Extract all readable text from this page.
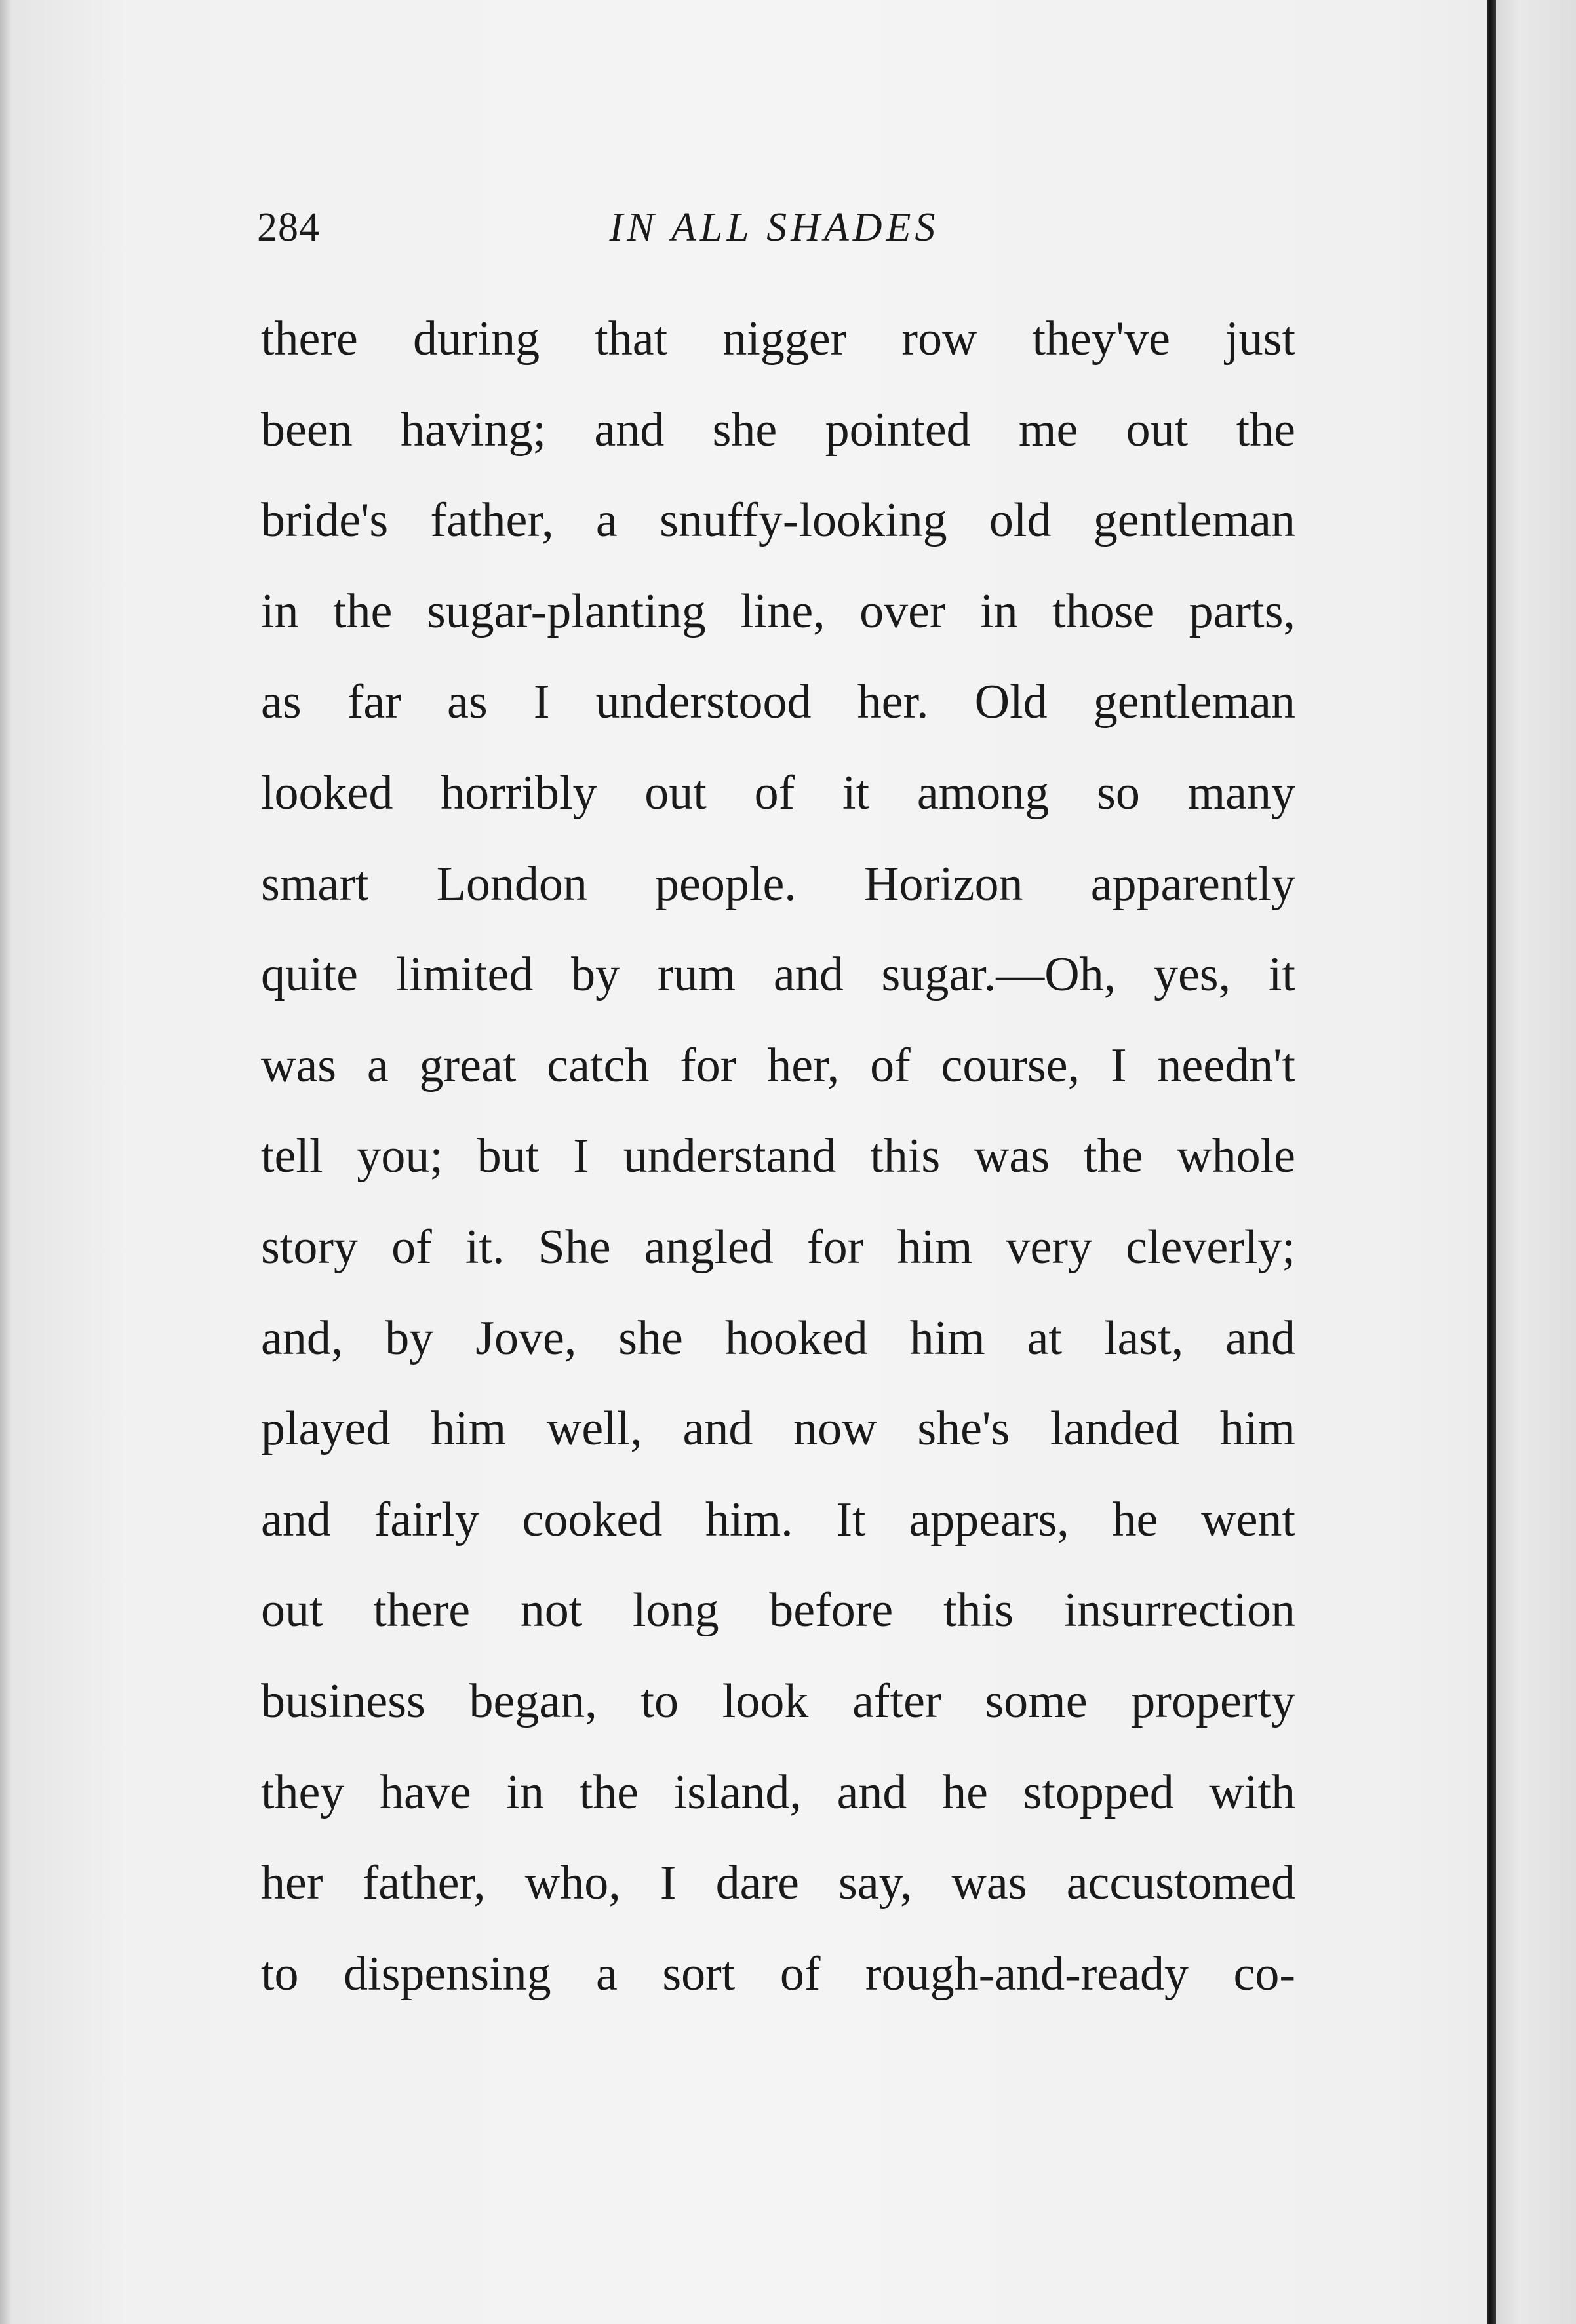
284	IN ALL SHADES
there during that nigger row they've just
been having; and she pointed me out the
bride's father, a snuffy-looking old gentleman
in the sugar-planting line, over in those parts,
as far as I understood her. Old gentleman
looked horribly out of it among so many
smart London people. Horizon apparently
quite limited by rum and sugar.—Oh, yes, it
was a great catch for her, of course, I needn't
tell you; but I understand this was the whole
story of it. She angled for him very cleverly;
and, by Jove, she hooked him at last, and
played him well, and now she's landed him
and fairly cooked him. It appears, he went
out there not long before this insurrection
business began, to look after some property
they have in the island, and he stopped with
her father, who, I dare say, was accustomed
to dispensing a sort of rough-and-ready co-
